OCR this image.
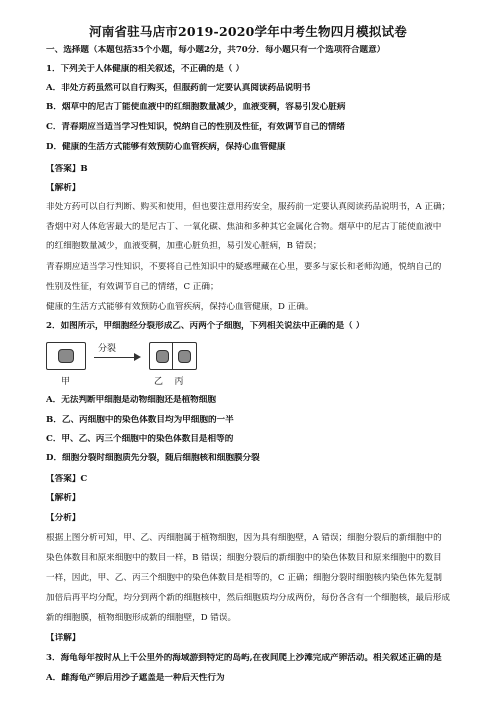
河南省驻马店市2019-2020学年中考生物四月模拟试卷
一、选择题（本题包括35个小题，每小题2分，共70分．每小题只有一个选项符合题意）
1．下列关于人体健康的相关叙述，不正确的是（ ）
A．非处方药虽然可以自行购买，但服药前一定要认真阅读药品说明书
B．烟草中的尼古丁能使血液中的红细胞数量减少，血液变稠，容易引发心脏病
C．青春期应当适当学习性知识，悦纳自己的性别及性征，有效调节自己的情绪
D．健康的生活方式能够有效预防心血管疾病，保持心血管健康
【答案】B
【解析】
非处方药可以自行判断、购买和使用，但也要注意用药安全，服药前一定要认真阅读药品说明书，A 正确；
香烟中对人体危害最大的是尼古丁、一氧化碳、焦油和多种其它金属化合物。烟草中的尼古丁能使血液中
的红细胞数量减少，血液变稠，加重心脏负担，易引发心脏病，B 错误；
青春期应适当学习性知识，不要将自己性知识中的疑惑埋藏在心里，要多与家长和老师沟通，悦纳自己的
性别及性征，有效调节自己的情绪，C 正确；
健康的生活方式能够有效预防心血管疾病，保持心血管健康，D 正确。
2．如图所示，甲细胞经分裂形成乙、丙两个子细胞，下列相关说法中正确的是（ ）
分裂
甲	乙    丙
A．无法判断甲细胞是动物细胞还是植物细胞
B．乙、丙细胞中的染色体数目均为甲细胞的一半
C．甲、乙、丙三个细胞中的染色体数目是相等的
D．细胞分裂时细胞质先分裂，随后细胞核和细胞膜分裂
【答案】C
【解析】
【分析】
根据上图分析可知，甲、乙、丙细胞属于植物细胞，因为具有细胞壁，A 错误；细胞分裂后的新细胞中的
染色体数目和原来细胞中的数目一样，B 错误；细胞分裂后的新细胞中的染色体数目和原来细胞中的数目
一样，因此，甲、乙、丙三个细胞中的染色体数目是相等的，C 正确；细胞分裂时细胞核内染色体先复制
加倍后再平均分配，均分到两个新的细胞核中，然后细胞质均分成两份，每份各含有一个细胞核，最后形成
新的细胞膜，植物细胞形成新的细胞壁，D 错误。
【详解】
3．海龟每年按时从上千公里外的海域游到特定的岛屿,在夜间爬上沙滩完成产卵活动。相关叙述正确的是
A．雌海龟产卵后用沙子遮盖是一种后天性行为
